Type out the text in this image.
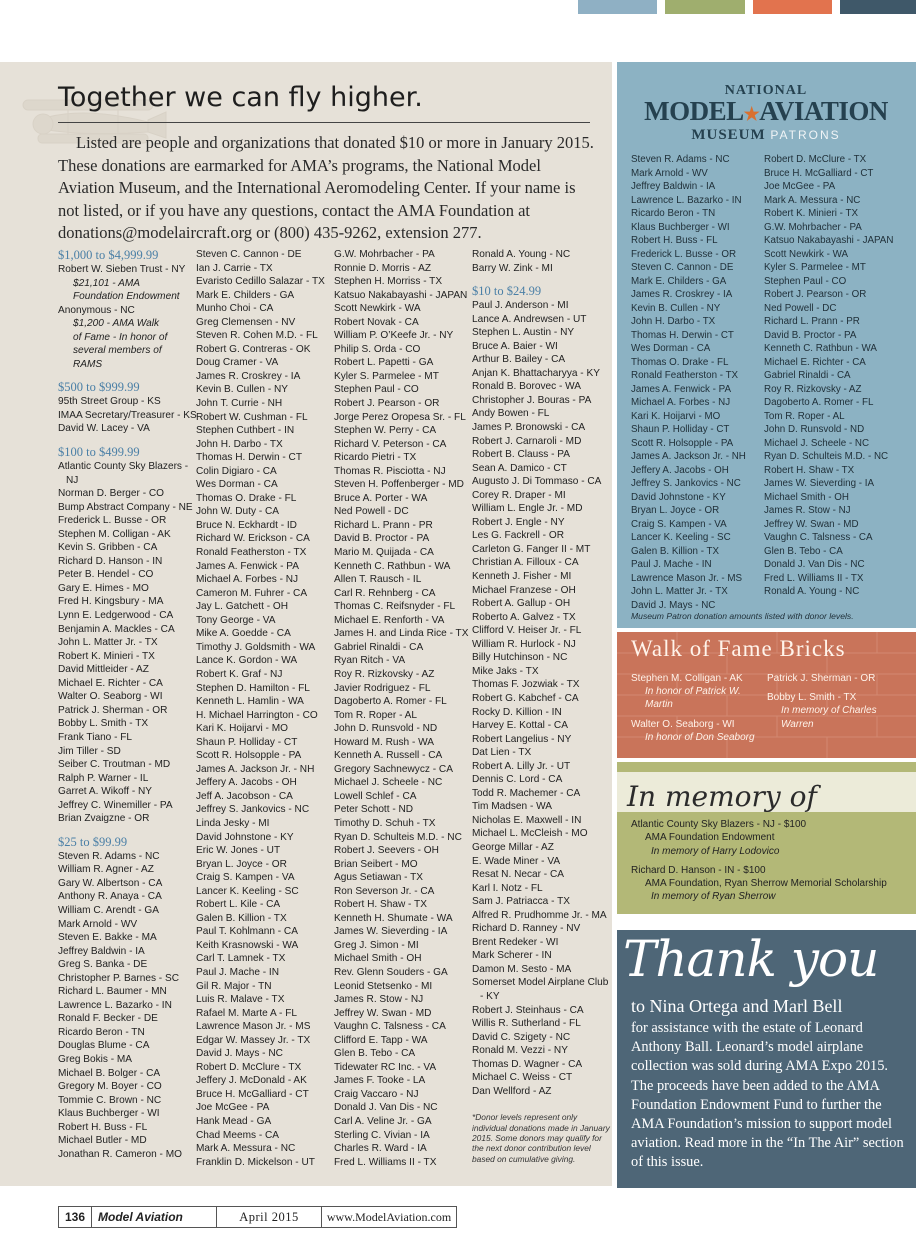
Together we can fly higher.

Listed are people and organizations that donated $10 or more in January 2015. These donations are earmarked for AMA’s programs, the National Model Aviation Museum, and the International Aeromodeling Center. If your name is not listed, or if you have any questions, contact the AMA Foundation at donations@modelaircraft.org or (800) 435-9262, extension 277.

$1,000 to $4,999.99
Robert W. Sieben Trust - NY
$21,101 - AMA
Foundation Endowment
Anonymous - NC
$1,200 - AMA Walk
of Fame - In honor of
several members of
RAMS
$500 to $999.99
95th Street Group - KS
IMAA Secretary/Treasurer - KS
David W. Lacey - VA
$100 to $499.99
Atlantic County Sky Blazers - NJ
Norman D. Berger - CO
Bump Abstract Company - NE
Frederick L. Busse - OR
Stephen M. Colligan - AK
Kevin S. Gribben - CA
Richard D. Hanson - IN
Peter B. Hendel - CO
Gary E. Himes - MO
Fred H. Kingsbury - MA
Lynn E. Ledgerwood - CA
Benjamin A. Mackles - CA
John L. Matter Jr. - TX
Robert K. Minieri - TX
David Mittleider - AZ
Michael E. Richter - CA
Walter O. Seaborg - WI
Patrick J. Sherman - OR
Bobby L. Smith - TX
Frank Tiano - FL
Jim Tiller - SD
Seiber C. Troutman - MD
Ralph P. Warner - IL
Garret A. Wikoff - NY
Jeffrey C. Winemiller - PA
Brian Zvaigzne - OR
$25 to $99.99
Steven R. Adams - NC
William R. Agner - AZ
Gary W. Albertson - CA
Anthony R. Anaya - CA
William C. Arendt - GA
Mark Arnold - WV
Steven E. Bakke - MA
Jeffrey Baldwin - IA
Greg S. Banka - DE
Christopher P. Barnes - SC
Richard L. Baumer - MN
Lawrence L. Bazarko - IN
Ronald F. Becker - DE
Ricardo Beron - TN
Douglas Blume - CA
Greg Bokis - MA
Michael B. Bolger - CA
Gregory M. Boyer - CO
Tommie C. Brown - NC
Klaus Buchberger - WI
Robert H. Buss - FL
Michael Butler - MD
Jonathan R. Cameron - MO
Steven C. Cannon - DE
Ian J. Carrie - TX
Evaristo Cedillo Salazar - TX
Mark E. Childers - GA
Munho Choi - CA
Greg Clemensen - NV
Steven R. Cohen M.D. - FL
Robert G. Contreras - OK
Doug Cramer - VA
James R. Croskrey - IA
Kevin B. Cullen - NY
John T. Currie - NH
Robert W. Cushman - FL
Stephen Cuthbert - IN
John H. Darbo - TX
Thomas H. Derwin - CT
Colin Digiaro - CA
Wes Dorman - CA
Thomas O. Drake - FL
John W. Duty - CA
Bruce N. Eckhardt - ID
Richard W. Erickson - CA
Ronald Featherston - TX
James A. Fenwick - PA
Michael A. Forbes - NJ
Cameron M. Fuhrer - CA
Jay L. Gatchett - OH
Tony George - VA
Mike A. Goedde - CA
Timothy J. Goldsmith - WA
Lance K. Gordon - WA
Robert K. Graf - NJ
Stephen D. Hamilton - FL
Kenneth L. Hamlin - WA
H. Michael Harrington - CO
Kari K. Hoijarvi - MO
Shaun P. Holliday - CT
Scott R. Holsopple - PA
James A. Jackson Jr. - NH
Jeffery A. Jacobs - OH
Jeff A. Jacobson - CA
Jeffrey S. Jankovics - NC
Linda Jesky - MI
David Johnstone - KY
Eric W. Jones - UT
Bryan L. Joyce - OR
Craig S. Kampen - VA
Lancer K. Keeling - SC
Robert L. Kile - CA
Galen B. Killion - TX
Paul T. Kohlmann - CA
Keith Krasnowski - WA
Carl T. Lamnek - TX
Paul J. Mache - IN
Gil R. Major - TN
Luis R. Malave - TX
Rafael M. Marte A - FL
Lawrence Mason Jr. - MS
Edgar W. Massey Jr. - TX
David J. Mays - NC
Robert D. McClure - TX
Jeffery J. McDonald - AK
Bruce H. McGalliard - CT
Joe McGee - PA
Hank Mead - GA
Chad Meems - CA
Mark A. Messura - NC
Franklin D. Mickelson - UT
G.W. Mohrbacher - PA
Ronnie D. Morris - AZ
Stephen H. Morriss - TX
Katsuo Nakabayashi - JAPAN
Scott Newkirk - WA
Robert Novak - CA
William P. O’Keefe Jr. - NY
Philip S. Orda - CO
Robert L. Papetti - GA
Kyler S. Parmelee - MT
Stephen Paul - CO
Robert J. Pearson - OR
Jorge Perez Oropesa Sr. - FL
Stephen W. Perry - CA
Richard V. Peterson - CA
Ricardo Pietri - TX
Thomas R. Pisciotta - NJ
Steven H. Poffenberger - MD
Bruce A. Porter - WA
Ned Powell - DC
Richard L. Prann - PR
David B. Proctor - PA
Mario M. Quijada - CA
Kenneth C. Rathbun - WA
Allen T. Rausch - IL
Carl R. Rehnberg - CA
Thomas C. Reifsnyder - FL
Michael E. Renforth - VA
James H. and Linda Rice - TX
Gabriel Rinaldi - CA
Ryan Ritch - VA
Roy R. Rizkovsky - AZ
Javier Rodriguez - FL
Dagoberto A. Romer - FL
Tom R. Roper - AL
John D. Runsvold - ND
Howard M. Rush - WA
Kenneth A. Russell - CA
Gregory Sachnewycz - CA
Michael J. Scheele - NC
Lowell Schlef - CA
Peter Schott - ND
Timothy D. Schuh - TX
Ryan D. Schulteis M.D. - NC
Robert J. Seevers - OH
Brian Seibert - MO
Agus Setiawan - TX
Ron Severson Jr. - CA
Robert H. Shaw - TX
Kenneth H. Shumate - WA
James W. Sieverding - IA
Greg J. Simon - MI
Michael Smith - OH
Rev. Glenn Souders - GA
Leonid Stetsenko - MI
James R. Stow - NJ
Jeffrey W. Swan - MD
Vaughn C. Talsness - CA
Clifford E. Tapp - WA
Glen B. Tebo - CA
Tidewater RC Inc. - VA
James F. Tooke - LA
Craig Vaccaro - NJ
Donald J. Van Dis - NC
Carl A. Veline Jr. - GA
Sterling C. Vivian - IA
Charles R. Ward - IA
Fred L. Williams II - TX
Ronald A. Young - NC
Barry W. Zink - MI
$10 to $24.99
Paul J. Anderson - MI
Lance A. Andrewsen - UT
Stephen L. Austin - NY
Bruce A. Baier - WI
Arthur B. Bailey - CA
Anjan K. Bhattacharyya - KY
Ronald B. Borovec - WA
Christopher J. Bouras - PA
Andy Bowen - FL
James P. Bronowski - CA
Robert J. Carnaroli - MD
Robert B. Clauss - PA
Sean A. Damico - CT
Augusto J. Di Tommaso - CA
Corey R. Draper - MI
William L. Engle Jr. - MD
Robert J. Engle - NY
Les G. Fackrell - OR
Carleton G. Fanger II - MT
Christian A. Filloux - CA
Kenneth J. Fisher - MI
Michael Franzese - OH
Robert A. Gallup - OH
Roberto A. Galvez - TX
Clifford V. Heiser Jr. - FL
William R. Hurlock - NJ
Billy Hutchinson - NC
Mike Jaks - TX
Thomas F. Jozwiak - TX
Robert G. Kabchef - CA
Rocky D. Killion - IN
Harvey E. Kottal - CA
Robert Langelius - NY
Dat Lien - TX
Robert A. Lilly Jr. - UT
Dennis C. Lord - CA
Todd R. Machemer - CA
Tim Madsen - WA
Nicholas E. Maxwell - IN
Michael L. McCleish - MO
George Millar - AZ
E. Wade Miner - VA
Resat N. Necar - CA
Karl I. Notz - FL
Sam J. Patriacca - TX
Alfred R. Prudhomme Jr. - MA
Richard D. Ranney - NV
Brent Redeker - WI
Mark Scherer - IN
Damon M. Sesto - MA
Somerset Model Airplane Club - KY
Robert J. Steinhaus - CA
Willis R. Sutherland - FL
David C. Szigety - NC
Ronald M. Vezzi - NY
Thomas D. Wagner - CA
Michael C. Weiss - CT
Dan Wellford - AZ
*Donor levels represent only individual donations made in January 2015. Some donors may qualify for the next donor contribution level based on cumulative giving.
NATIONAL
MODEL★AVIATION
MUSEUM PATRONS
Steven R. Adams - NC
Mark Arnold - WV
Jeffrey Baldwin - IA
Lawrence L. Bazarko - IN
Ricardo Beron - TN
Klaus Buchberger - WI
Robert H. Buss - FL
Frederick L. Busse - OR
Steven C. Cannon - DE
Mark E. Childers - GA
James R. Croskrey - IA
Kevin B. Cullen - NY
John H. Darbo - TX
Thomas H. Derwin - CT
Wes Dorman - CA
Thomas O. Drake - FL
Ronald Featherston - TX
James A. Fenwick - PA
Michael A. Forbes - NJ
Kari K. Hoijarvi - MO
Shaun P. Holliday - CT
Scott R. Holsopple - PA
James A. Jackson Jr. - NH
Jeffery A. Jacobs - OH
Jeffrey S. Jankovics - NC
David Johnstone - KY
Bryan L. Joyce - OR
Craig S. Kampen - VA
Lancer K. Keeling - SC
Galen B. Killion - TX
Paul J. Mache - IN
Lawrence Mason Jr. - MS
John L. Matter Jr. - TX
David J. Mays - NC
Robert D. McClure - TX
Bruce H. McGalliard - CT
Joe McGee - PA
Mark A. Messura - NC
Robert K. Minieri - TX
G.W. Mohrbacher - PA
Katsuo Nakabayashi - JAPAN
Scott Newkirk - WA
Kyler S. Parmelee - MT
Stephen Paul - CO
Robert J. Pearson - OR
Ned Powell - DC
Richard L. Prann - PR
David B. Proctor - PA
Kenneth C. Rathbun - WA
Michael E. Richter - CA
Gabriel Rinaldi - CA
Roy R. Rizkovsky - AZ
Dagoberto A. Romer - FL
Tom R. Roper - AL
John D. Runsvold - ND
Michael J. Scheele - NC
Ryan D. Schulteis M.D. - NC
Robert H. Shaw - TX
James W. Sieverding - IA
Michael Smith - OH
James R. Stow - NJ
Jeffrey W. Swan - MD
Vaughn C. Talsness - CA
Glen B. Tebo - CA
Donald J. Van Dis - NC
Fred L. Williams II - TX
Ronald A. Young - NC
Museum Patron donation amounts listed with donor levels.
Walk of Fame Bricks
Stephen M. Colligan - AK
In honor of Patrick W. Martin
Walter O. Seaborg - WI
In honor of Don Seaborg
Patrick J. Sherman - OR
Bobby L. Smith - TX
In memory of Charles Warren
In memory of
Atlantic County Sky Blazers - NJ - $100
AMA Foundation Endowment
In memory of Harry Lodovico
Richard D. Hanson - IN - $100
AMA Foundation, Ryan Sherrow Memorial Scholarship
In memory of Ryan Sherrow
Thank you

to Nina Ortega and Marl Bell

for assistance with the estate of Leonard Anthony Ball. Leonard’s model airplane collection was sold during AMA Expo 2015. The proceeds have been added to the AMA Foundation Endowment Fund to further the AMA Foundation’s mission to support model aviation. Read more in the “In The Air” section of this issue.

136	Model Aviation	April 2015	www.ModelAviation.com
